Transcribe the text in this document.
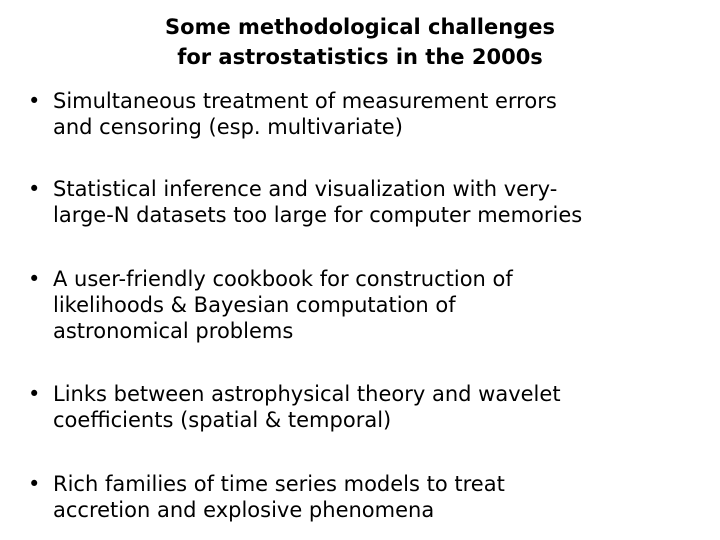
Some methodological challenges
for astrostatistics in the 2000s
• Simultaneous treatment of measurement errors
and censoring (esp. multivariate)
• Statistical inference and visualization with very-
large-N datasets too large for computer memories
• A user-friendly cookbook for construction of
likelihoods & Bayesian computation of
astronomical problems
• Links between astrophysical theory and wavelet
coefficients (spatial & temporal)
• Rich families of time series models to treat
accretion and explosive phenomena
